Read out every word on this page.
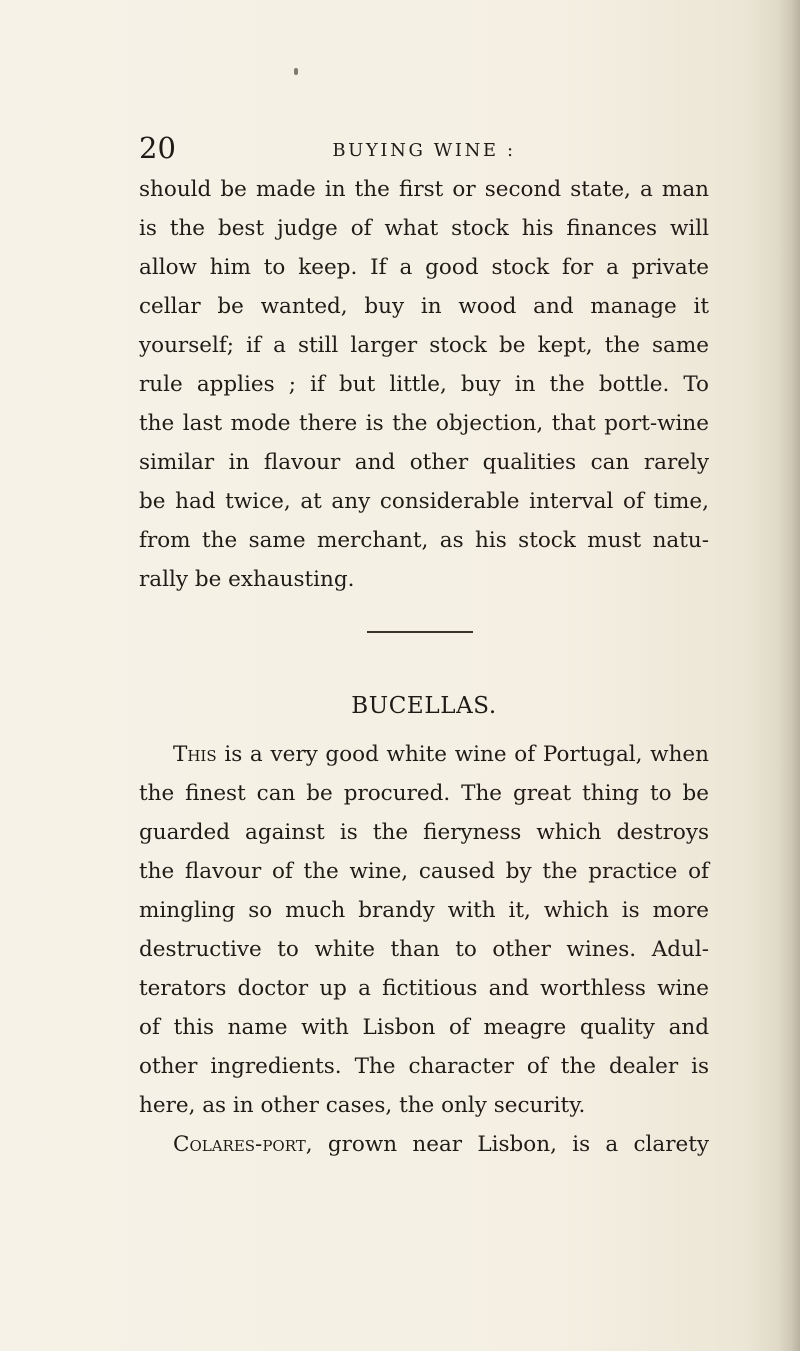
20	BUYING WINE :
should be made in the first or second state, a man
is the best judge of what stock his finances will
allow him to keep. If a good stock for a private
cellar be wanted, buy in wood and manage it
yourself; if a still larger stock be kept, the same
rule applies ; if but little, buy in the bottle. To
the last mode there is the objection, that port-wine
similar in flavour and other qualities can rarely
be had twice, at any considerable interval of time,
from the same merchant, as his stock must natu-
rally be exhausting.
BUCELLAS.
This is a very good white wine of Portugal, when
the finest can be procured. The great thing to be
guarded against is the fieryness which destroys
the flavour of the wine, caused by the practice of
mingling so much brandy with it, which is more
destructive to white than to other wines. Adul-
terators doctor up a fictitious and worthless wine
of this name with Lisbon of meagre quality and
other ingredients. The character of the dealer is
here, as in other cases, the only security.
Colares-port, grown near Lisbon, is a clarety
